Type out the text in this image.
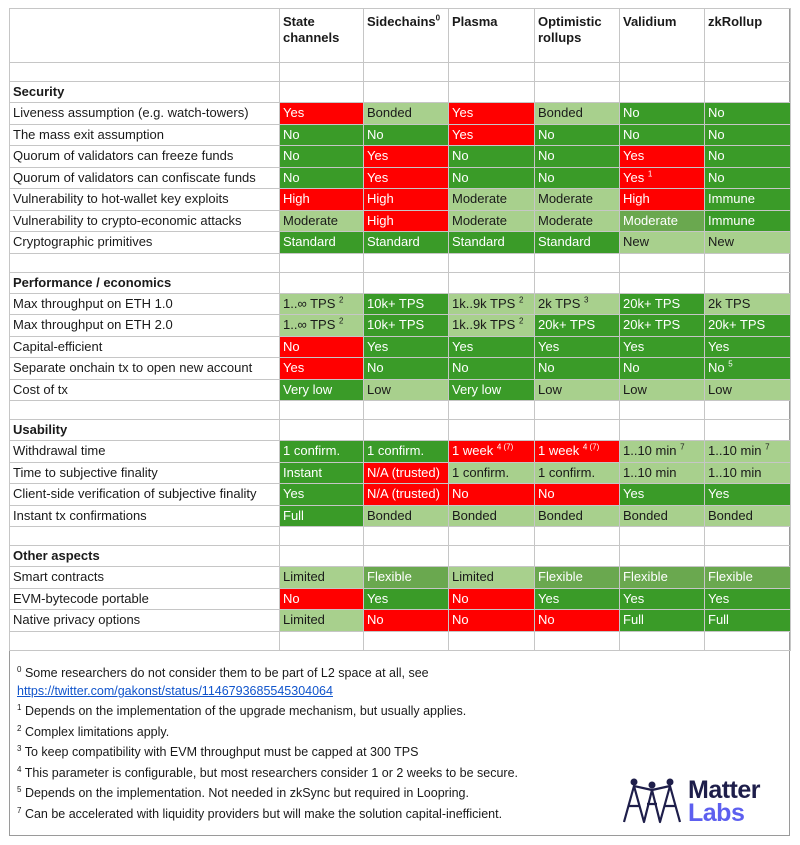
	State channels	Sidechains$^0$	Plasma	Optimistic rollups	Validium	zkRollup

Security						
Liveness assumption (e.g. watch-towers)	Yes	Bonded	Yes	Bonded	No	No
The mass exit assumption	No	No	Yes	No	No	No
Quorum of validators can freeze funds	No	Yes	No	No	Yes	No
Quorum of validators can confiscate funds	No	Yes	No	No	Yes $^1$	No
Vulnerability to hot-wallet key exploits	High	High	Moderate	Moderate	High	Immune
Vulnerability to crypto-economic attacks	Moderate	High	Moderate	Moderate	Moderate	Immune
Cryptographic primitives	Standard	Standard	Standard	Standard	New	New

Performance / economics						
Max throughput on ETH 1.0	1..∞ TPS $^2$	10k+ TPS	1k..9k TPS $^2$	2k TPS $^3$	20k+ TPS	2k TPS
Max throughput on ETH 2.0	1..∞ TPS $^2$	10k+ TPS	1k..9k TPS $^2$	20k+ TPS	20k+ TPS	20k+ TPS
Capital-efficient	No	Yes	Yes	Yes	Yes	Yes
Separate onchain tx to open new account	Yes	No	No	No	No	No $^5$
Cost of tx	Very low	Low	Very low	Low	Low	Low

Usability						
Withdrawal time	1 confirm.	1 confirm.	1 week $^{4 (7)}$	1 week $^{4 (7)}$	1..10 min $^7$	1..10 min $^7$
Time to subjective finality	Instant	N/A (trusted)	1 confirm.	1 confirm.	1..10 min	1..10 min
Client-side verification of subjective finality	Yes	N/A (trusted)	No	No	Yes	Yes
Instant tx confirmations	Full	Bonded	Bonded	Bonded	Bonded	Bonded

Other aspects						
Smart contracts	Limited	Flexible	Limited	Flexible	Flexible	Flexible
EVM-bytecode portable	No	Yes	No	Yes	Yes	Yes
Native privacy options	Limited	No	No	No	Full	Full

$^0$ Some researchers do not consider them to be part of L2 space at all, see
https://twitter.com/gakonst/status/1146793685545304064
$^1$ Depends on the implementation of the upgrade mechanism, but usually applies.
$^2$ Complex limitations apply.
$^3$ To keep compatibility with EVM throughput must be capped at 300 TPS
$^4$ This parameter is configurable, but most researchers consider 1 or 2 weeks to be secure.
$^5$ Depends on the implementation. Not needed in zkSync but required in Loopring.
$^7$ Can be accelerated with liquidity providers but will make the solution capital-inefficient.
Matter
Labs
